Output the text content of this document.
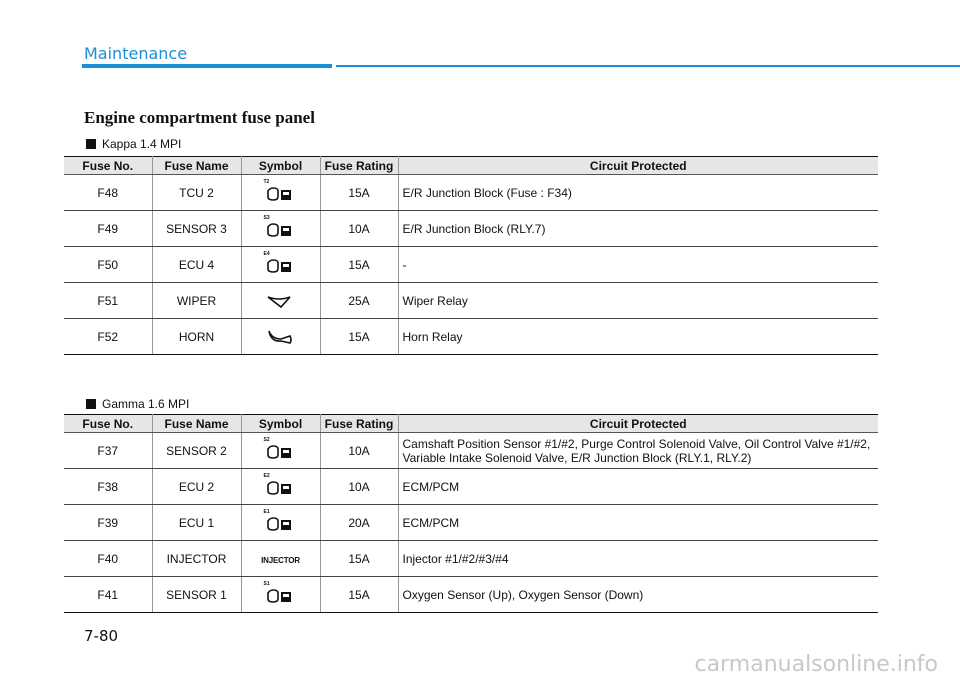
Maintenance
Engine compartment fuse panel
Kappa 1.4 MPI
Fuse No.	Fuse Name	Symbol	Fuse Rating	Circuit Protected
F48	TCU 2	T2	15A	E/R Junction Block (Fuse : F34)
F49	SENSOR 3	S3	10A	E/R Junction Block (RLY.7)
F50	ECU 4	E4	15A	-
F51	WIPER		25A	Wiper Relay
F52	HORN		15A	Horn Relay
Gamma 1.6 MPI
Fuse No.	Fuse Name	Symbol	Fuse Rating	Circuit Protected
F37	SENSOR 2	S2	10A	Camshaft Position Sensor #1/#2, Purge Control Solenoid Valve, Oil Control Valve #1/#2, Variable Intake Solenoid Valve, E/R Junction Block (RLY.1, RLY.2)
F38	ECU 2	E2	10A	ECM/PCM
F39	ECU 1	E1	20A	ECM/PCM
F40	INJECTOR	INJECTOR	15A	Injector #1/#2/#3/#4
F41	SENSOR 1	S1	15A	Oxygen Sensor (Up), Oxygen Sensor (Down)
7-80
carmanualsonline.info
